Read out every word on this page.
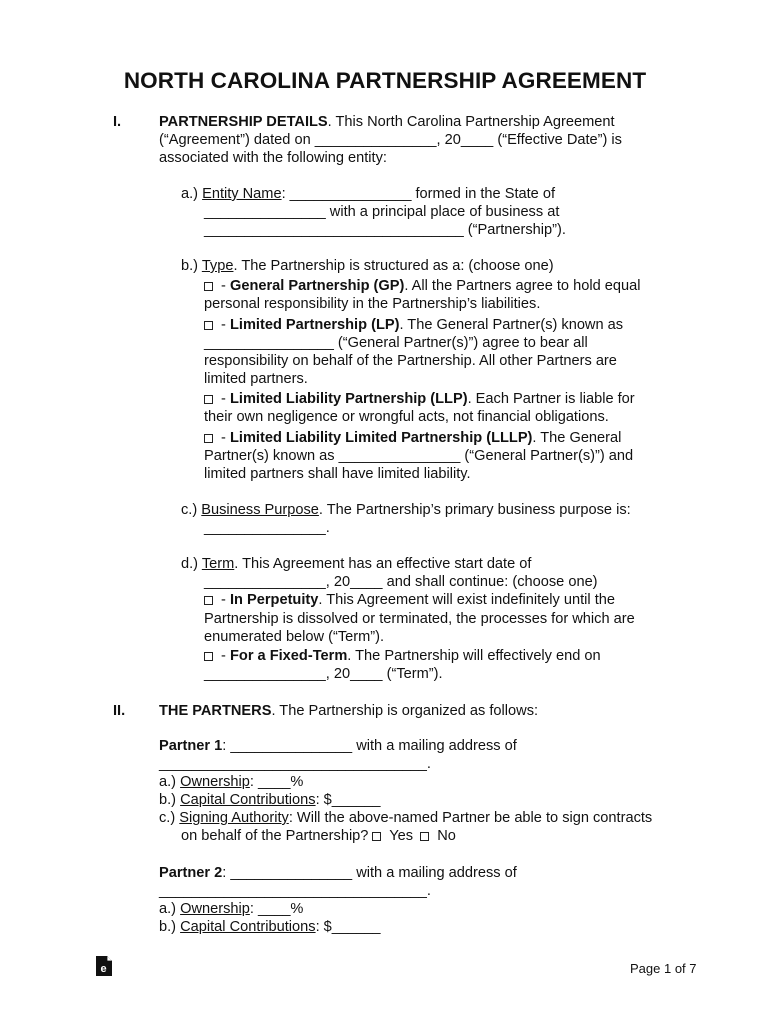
NORTH CAROLINA PARTNERSHIP AGREEMENT
I.	PARTNERSHIP DETAILS. This North Carolina Partnership Agreement
(“Agreement”) dated on _______________, 20____ (“Effective Date”) is
associated with the following entity:
a.) Entity Name: _______________ formed in the State of
_______________ with a principal place of business at
________________________________ (“Partnership”).
b.) Type. The Partnership is structured as a: (choose one)
- General Partnership (GP). All the Partners agree to hold equal
personal responsibility in the Partnership’s liabilities.
- Limited Partnership (LP). The General Partner(s) known as
________________ (“General Partner(s)”) agree to bear all
responsibility on behalf of the Partnership. All other Partners are
limited partners.
- Limited Liability Partnership (LLP). Each Partner is liable for
their own negligence or wrongful acts, not financial obligations.
- Limited Liability Limited Partnership (LLLP). The General
Partner(s) known as _______________ (“General Partner(s)”) and
limited partners shall have limited liability.
c.) Business Purpose. The Partnership’s primary business purpose is:
_______________.
d.) Term. This Agreement has an effective start date of
_______________, 20____ and shall continue: (choose one)
- In Perpetuity. This Agreement will exist indefinitely until the
Partnership is dissolved or terminated, the processes for which are
enumerated below (“Term”).
- For a Fixed-Term. The Partnership will effectively end on
_______________, 20____ (“Term”).
II. THE PARTNERS. The Partnership is organized as follows:
Partner 1: _______________ with a mailing address of
_________________________________.
a.) Ownership: ____%
b.) Capital Contributions: $______
c.) Signing Authority: Will the above-named Partner be able to sign contracts
on behalf of the Partnership?  Yes  No
Partner 2: _______________ with a mailing address of
_________________________________.
a.) Ownership: ____%
b.) Capital Contributions: $______
e	Page 1 of 7
